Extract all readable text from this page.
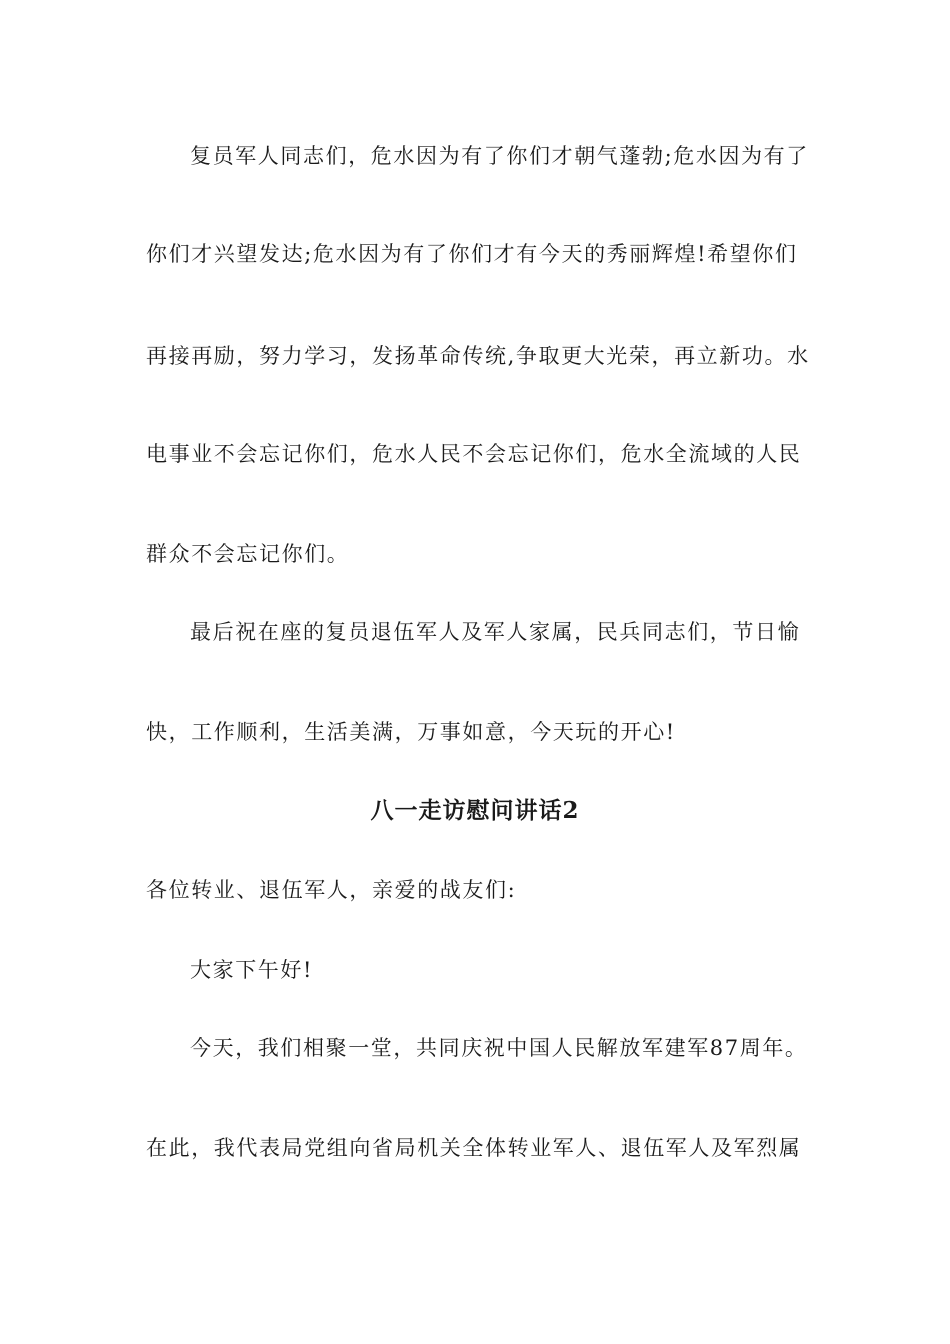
复员军人同志们，危水因为有了你们才朝气蓬勃;危水因为有了
你们才兴望发达;危水因为有了你们才有今天的秀丽辉煌!希望你们
再接再励，努力学习，发扬革命传统,争取更大光荣，再立新功。水
电事业不会忘记你们，危水人民不会忘记你们，危水全流域的人民
群众不会忘记你们。
最后祝在座的复员退伍军人及军人家属，民兵同志们，节日愉
快，工作顺利，生活美满，万事如意，今天玩的开心!
八一走访慰问讲话2
各位转业、退伍军人，亲爱的战友们:
大家下午好!
今天，我们相聚一堂，共同庆祝中国人民解放军建军87周年。
在此，我代表局党组向省局机关全体转业军人、退伍军人及军烈属
